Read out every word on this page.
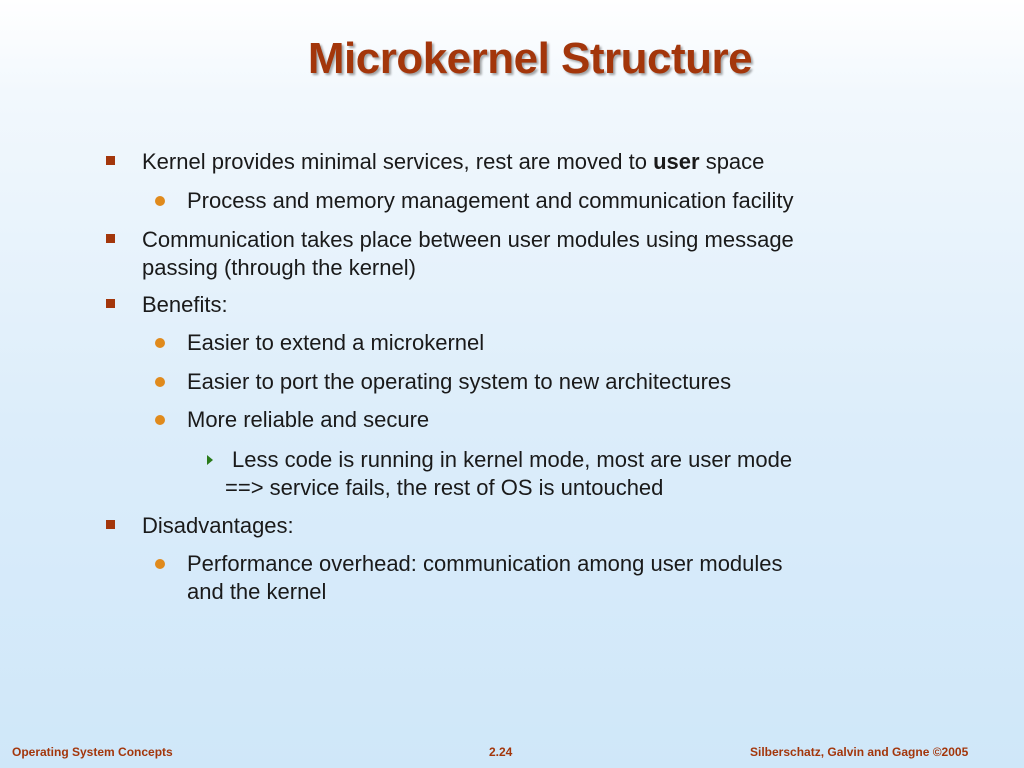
Microkernel Structure
Kernel provides minimal services, rest are moved to user space
Process and memory management and communication facility
Communication takes place between user modules using message
passing (through the kernel)
Benefits:
Easier to extend a microkernel
Easier to port the operating system to new architectures
More reliable and secure
Less code is running in kernel mode, most are user mode
==> service fails, the rest of OS is untouched
Disadvantages:
Performance overhead: communication among user modules
and the kernel
Operating System Concepts	2.24	Silberschatz, Galvin and Gagne ©2005
